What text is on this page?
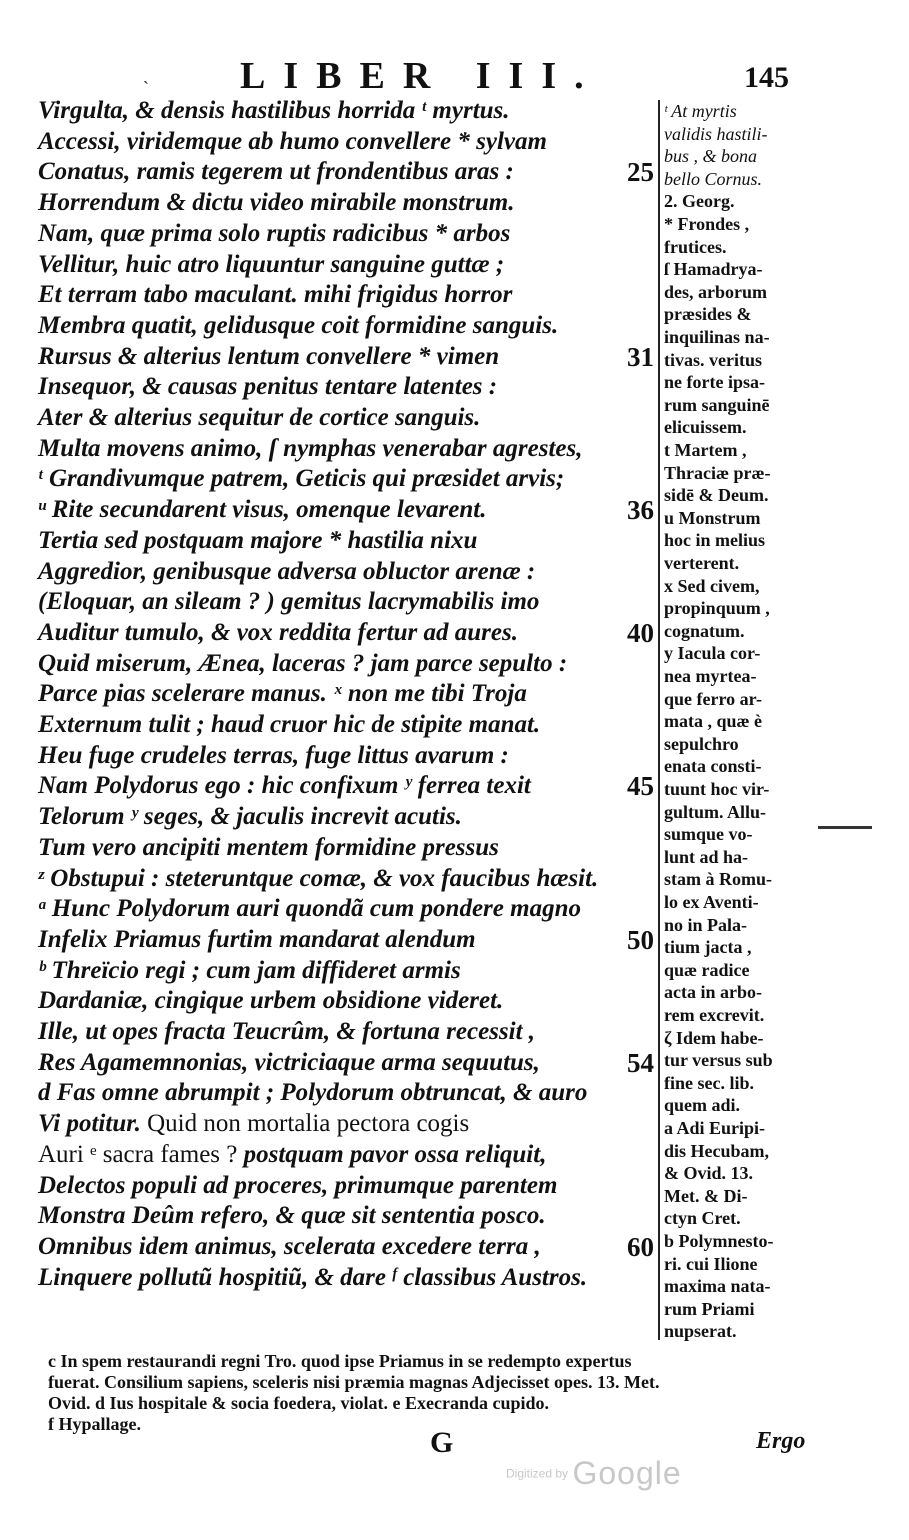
` LIBER III.	145
Virgulta, & densis hastilibus horrida ᵗ myrtus.
Accessi, viridemque ab humo convellere * sylvam
Conatus, ramis tegerem ut frondentibus aras :	25
Horrendum & dictu video mirabile monstrum.
Nam, quæ prima solo ruptis radicibus * arbos
Vellitur, huic atro liquuntur sanguine guttæ ;
Et terram tabo maculant. mihi frigidus horror
Membra quatit, gelidusque coit formidine sanguis.
Rursus & alterius lentum convellere * vimen	31
Insequor, & causas penitus tentare latentes :
Ater & alterius sequitur de cortice sanguis.
Multa movens animo, ſ nymphas venerabar agrestes,
ᵗ Grandivumque patrem, Geticis qui præsidet arvis;
ᵘ Rite secundarent visus, omenque levarent.	36
Tertia sed postquam majore * hastilia nixu
Aggredior, genibusque adversa obluctor arenæ :
(Eloquar, an sileam ? ) gemitus lacrymabilis imo
Auditur tumulo, & vox reddita fertur ad aures.	40
Quid miserum, Ænea, laceras ? jam parce sepulto :
Parce pias scelerare manus. ˣ non me tibi Troja
Externum tulit ; haud cruor hic de stipite manat.
Heu fuge crudeles terras, fuge littus avarum :
Nam Polydorus ego : hic confixum ʸ ferrea texit	45
Telorum ʸ seges, & jaculis increvit acutis.
Tum vero ancipiti mentem formidine pressus
ᶻ Obstupui : steteruntque comæ, & vox faucibus hæsit.
ᵃ Hunc Polydorum auri quondã cum pondere magno
Infelix Priamus furtim mandarat alendum	50
ᵇ Threïcio regi ; cum jam diffideret armis
Dardaniæ, cingique urbem obsidione videret.
Ille, ut opes fracta Teucrûm, & fortuna recessit ,
Res Agamemnonias, victriciaque arma sequutus,	54
d Fas omne abrumpit ; Polydorum obtruncat, & auro
Vi potitur. Quid non mortalia pectora cogis
Auri ᵉ sacra fames ? postquam pavor ossa reliquit,
Delectos populi ad proceres, primumque parentem
Monstra Deûm refero, & quæ sit sententia posco.
Omnibus idem animus, scelerata excedere terra ,	60
Linquere pollutũ hospitiũ, & dare ᶠ classibus Austros.
ᵗ At myrtis
validis hastili-
bus , & bona
bello Cornus.
2. Georg.
* Frondes ,
frutices.
ſ Hamadrya-
des, arborum
præsides &
inquilinas na-
tivas. veritus
ne forte ipsa-
rum sanguinē
elicuissem.
t Martem ,
Thraciæ præ-
sidē & Deum.
u Monstrum
hoc in melius
verterent.
x Sed civem,
propinquum ,
cognatum.
y Iacula cor-
nea myrtea-
que ferro ar-
mata , quæ è
sepulchro
enata consti-
tuunt hoc vir-
gultum. Allu-
sumque vo-
lunt ad ha-
stam à Romu-
lo ex Aventi-
no in Pala-
tium jacta ,
quæ radice
acta in arbo-
rem excrevit.
ζ Idem habe-
tur versus sub
fine sec. lib.
quem adi.
a Adi Euripi-
dis Hecubam,
& Ovid. 13.
Met. & Di-
ctyn Cret.
b Polymnesto-
ri. cui Ilione
maxima nata-
rum Priami
nupserat.
c In spem restaurandi regni Tro. quod ipse Priamus in se redempto expertus
fuerat. Consilium sapiens, sceleris nisi præmia magnas Adjecisset opes. 13. Met.
Ovid. d Ius hospitale & socia foedera, violat. e Execranda cupido.
f Hypallage.
G	Ergo
Digitized by Google
